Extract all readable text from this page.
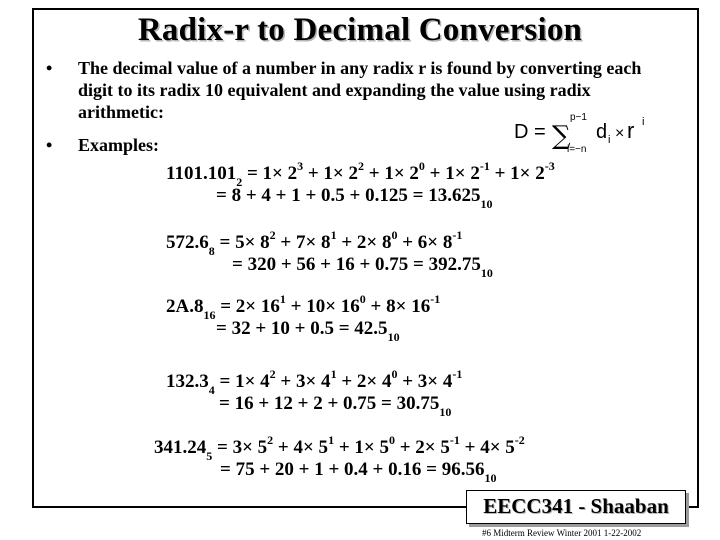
Radix-r to Decimal Conversion
• The decimal value of a number in any radix r is found by converting each digit to its radix 10 equivalent and expanding the value using radix arithmetic:
• Examples:
D = ∑
p−1
i=−n
d i × r i
$1101.101_2 = 1\times 2^3 + 1\times 2^2 + 1\times 2^0 + 1\times 2^{-1} + 1\times 2^{-3}$
= $8 + 4 + 1 + 0.5 + 0.125 = 13.625_{10}$
$572.6_8 = 5\times 8^2 + 7\times 8^1 + 2\times 8^0 + 6\times 8^{-1}$
= $320 + 56 + 16 + 0.75 = 392.75_{10}$
$2A.8_{16} = 2\times 16^1 + 10\times 16^0 + 8\times 16^{-1}$
= $32 + 10 + 0.5 = 42.5_{10}$
$132.3_4 = 1\times 4^2 + 3\times 4^1 + 2\times 4^0 + 3\times 4^{-1}$
= $16 + 12 + 2 + 0.75 = 30.75_{10}$
$341.24_5 = 3\times 5^2 + 4\times 5^1 + 1\times 5^0 + 2\times 5^{-1} + 4\times 5^{-2}$
= $75 + 20 + 1 + 0.4 + 0.16 = 96.56_{10}$
EECC341 - Shaaban
#6 Midterm Review Winter 2001 1-22-2002
